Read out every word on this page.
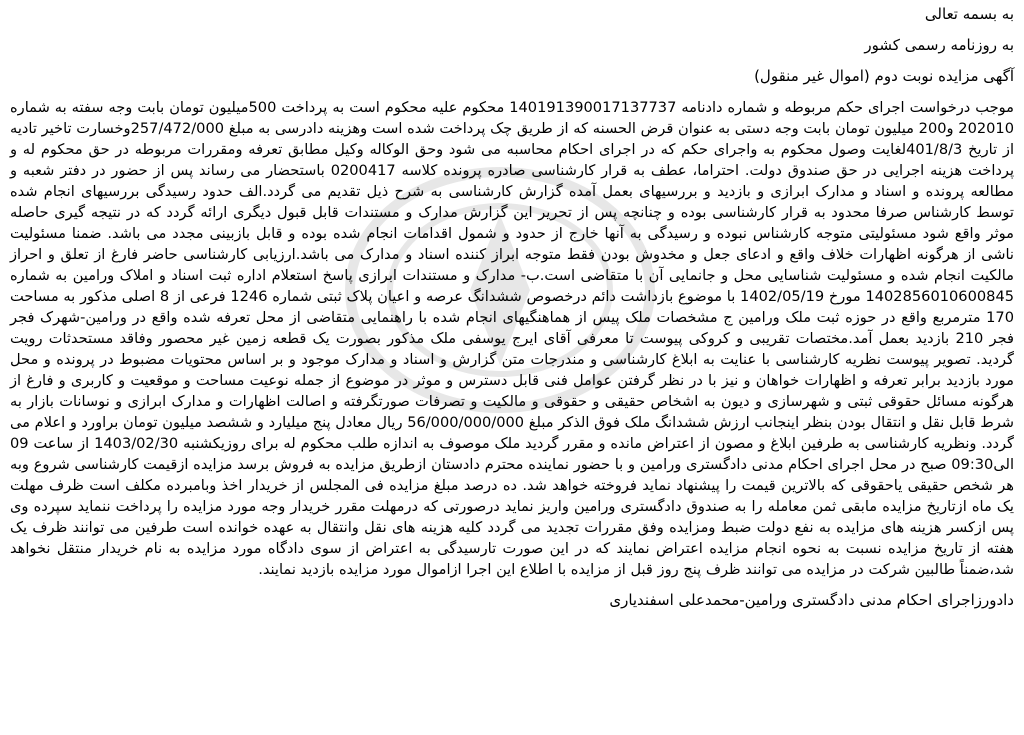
به بسمه تعالی
به روزنامه رسمی کشور
آگهی مزایده نوبت دوم (اموال غیر منقول)
موجب درخواست اجرای حکم مربوطه و شماره دادنامه 140191390017137737 محکوم علیه محکوم است به پرداخت 500میلیون تومان بابت وجه سفته به شماره 202010 و200 میلیون تومان بابت وجه دستی به عنوان قرض الحسنه که از طریق چک پرداخت شده است وهزینه دادرسی به مبلغ 257/472/000وخسارت تاخیر تادیه از تاریخ 401/8/3لغایت وصول محکوم به واجرای حکم که در اجرای احکام محاسبه می شود وحق الوکاله وکیل مطابق تعرفه ومقررات مربوطه در حق محکوم له و پرداخت هزینه اجرایی در حق صندوق دولت. احتراما، عطف به قرار کارشناسی صادره پرونده کلاسه 0200417 باستحضار می رساند پس از حضور در دفتر شعبه و مطالعه پرونده و اسناد و مدارک ابرازی و بازدید و بررسیهای بعمل آمده گزارش کارشناسی به شرح ذیل تقدیم می گردد.الف حدود رسیدگی بررسیهای انجام شده توسط کارشناس صرفا محدود به قرار کارشناسی بوده و چنانچه پس از تحریر این گزارش مدارک و مستندات قابل قبول دیگری ارائه گردد که در نتیجه گیری حاصله موثر واقع شود مسئولیتی متوجه کارشناس نبوده و رسیدگی به آنها خارج از حدود و شمول اقدامات انجام شده بوده و قابل بازبینی مجدد می باشد. ضمنا مسئولیت ناشی از هرگونه اظهارات خلاف واقع و ادعای جعل و مخدوش بودن فقط متوجه ابراز کننده اسناد و مدارک می باشد.ارزیابی کارشناسی حاضر فارغ از تعلق و احراز مالکیت انجام شده و مسئولیت شناسایی محل و جانمایی آن با متقاضی است.ب- مدارک و مستندات ابرازی پاسخ استعلام اداره ثبت اسناد و املاک ورامین به شماره 1402856010600845 مورخ 1402/05/19 با موضوع بازداشت دائم درخصوص ششدانگ عرصه و اعیان پلاک ثبتی شماره 1246 فرعی از 8 اصلی مذکور به مساحت 170 مترمربع واقع در حوزه ثبت ملک ورامین ج مشخصات ملک پیس از هماهنگیهای انجام شده با راهنمایی متقاضی از محل تعرفه شده واقع در ورامین-شهرک فجر فجر 210 بازدید بعمل آمد.مختصات تقریبی و کروکی پیوست تا معرفی آقای ایرج یوسفی ملک مذکور بصورت یک قطعه زمین غیر محصور وفاقد مستحدثات رویت گردید. تصویر پیوست نظریه کارشناسی با عنایت به ابلاغ کارشناسی و مندرجات متن گزارش و اسناد و مدارک موجود و بر اساس محتویات مضبوط در پرونده و محل مورد بازدید برابر تعرفه و اظهارات خواهان و نیز با در نظر گرفتن عوامل فنی قابل دسترس و موثر در موضوع از جمله نوعیت مساحت و موقعیت و کاربری و فارغ از هرگونه مسائل حقوقی ثبتی و شهرسازی و دیون به اشخاص حقیقی و حقوقی و مالکیت و تصرفات صورتگرفته و اصالت اظهارات و مدارک ابرازی و نوسانات بازار به شرط قابل نقل و انتقال بودن بنظر اینجانب ارزش ششدانگ ملک فوق الذکر مبلغ 56/000/000/000 ریال معادل پنج میلیارد و ششصد میلیون تومان براورد و اعلام می گردد. ونظریه کارشناسی به طرفین ابلاغ و مصون از اعتراض مانده و مقرر گردید ملک موصوف به اندازه طلب محکوم له برای روزیکشنبه 1403/02/30 از ساعت 09 الی09:30 صبح در محل اجرای احکام مدنی دادگستری ورامین و با حضور نماینده محترم دادستان ازطریق مزایده به فروش برسد مزایده ازقیمت کارشناسی شروع وبه هر شخص حقیقی یاحقوقی که بالاترین قیمت را پیشنهاد نماید فروخته خواهد شد. ده درصد مبلغ مزایده فی المجلس از خریدار اخذ وبامبرده مکلف است ظرف مهلت یک ماه ازتاریخ مزایده مابقی ثمن معامله را به صندوق دادگستری ورامین واریز نماید درصورتی که درمهلت مقرر خریدار وجه مورد مزایده را پرداخت ننماید سپرده وی پس ازکسر هزینه های مزایده به نفع دولت ضبط ومزایده وفق مقررات تجدید می گردد کلیه هزینه های نقل وانتقال به عهده خوانده است طرفین می توانند ظرف یک هفته از تاریخ مزایده نسبت به نحوه انجام مزایده اعتراض نمایند که در این صورت تارسیدگی به اعتراض از سوی دادگاه مورد مزایده به نام خریدار منتقل نخواهد شد،ضمناً طالبین شرکت در مزایده می توانند ظرف پنج روز قبل از مزایده با اطلاع این اجرا ازاموال مورد مزایده بازدید نمایند.
دادورزاجرای احکام مدنی دادگستری ورامین-محمدعلی اسفندیاری
